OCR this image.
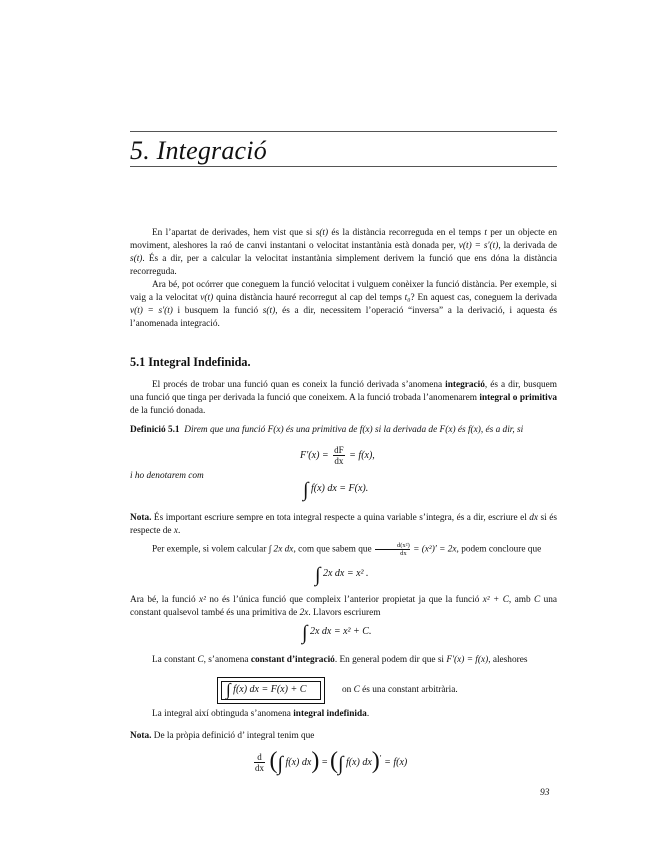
5. Integració

En l’apartat de derivades, hem vist que si s(t) és la distància recorreguda en el temps t per un objecte en moviment, aleshores la raó de canvi instantani o velocitat instantània està donada per, v(t) = s′(t), la derivada de s(t). És a dir, per a calcular la velocitat instantània simplement derivem la funció que ens dóna la distància recorreguda.

Ara bé, pot ocórrer que coneguem la funció velocitat i vulguem conèixer la funció distància. Per exemple, si vaig a la velocitat v(t) quina distància hauré recorregut al cap del temps t₀? En aquest cas, coneguem la derivada v(t) = s′(t) i busquem la funció s(t), és a dir, necessitem l’operació “inversa” a la derivació, i aquesta és l’anomenada integració.

5.1 Integral Indefinida.

El procés de trobar una funció quan es coneix la funció derivada s’anomena integració, és a dir, busquem una funció que tinga per derivada la funció que coneixem. A la funció trobada l’anomenarem integral o primitiva de la funció donada.

Definició 5.1 Direm que una funció F(x) és una primitiva de f(x) si la derivada de F(x) és f(x), és a dir, si

$F'(x) = \frac{dF}{dx} = f(x)$,

i ho denotarem com

∫ f(x) dx = F(x).

Nota. És important escriure sempre en tota integral respecte a quina variable s’integra, és a dir, escriure el dx si és respecte de x.

Per exemple, si volem calcular ∫ 2x dx, com que sabem que $\frac{\text{d(x²)}}{dx} = (x^2)' = 2x$, podem concloure que

∫ 2x dx = x² .

Ara bé, la funció x² no és l’única funció que compleix l’anterior propietat ja que la funció x² + C, amb C una constant qualsevol també és una primitiva de 2x. Llavors escriurem

∫ 2x dx = x² + C.

La constant C, s’anomena constant d’integració. En general podem dir que si F′(x) = f(x), aleshores

∫ f(x) dx = F(x) + C	on C és una constant arbitrària.

La integral així obtinguda s’anomena integral indefinida.

Nota. De la pròpia definició d’ integral tenim que

$\frac{d}{dx}$ (∫ f(x) dx) = (∫ f(x) dx)′ = f(x)
93
